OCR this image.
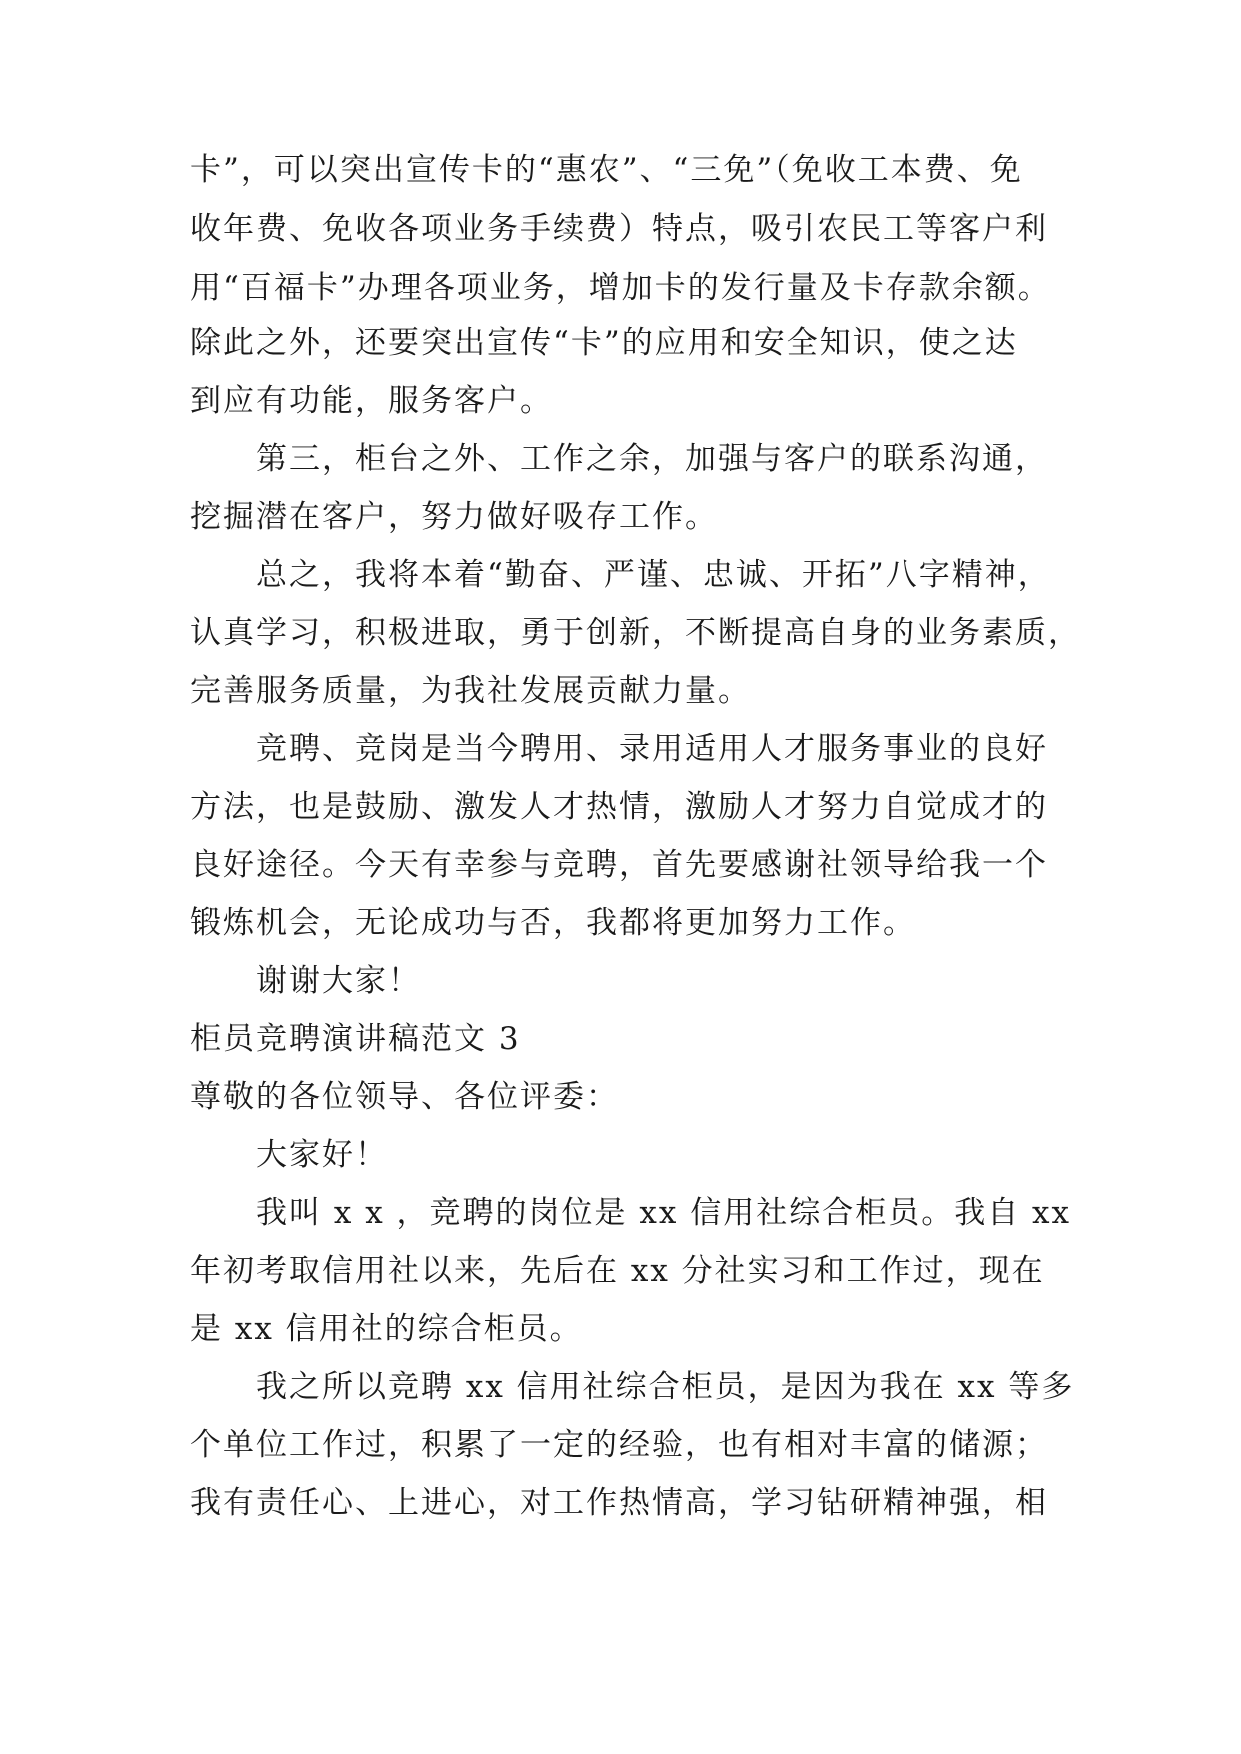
卡”，可以突出宣传卡的“惠农”、“三免”（免收工本费、免
收年费、免收各项业务手续费）特点，吸引农民工等客户利
用“百福卡”办理各项业务，增加卡的发行量及卡存款余额。
除此之外，还要突出宣传“卡”的应用和安全知识，使之达
到应有功能，服务客户。
第三，柜台之外、工作之余，加强与客户的联系沟通，
挖掘潜在客户，努力做好吸存工作。
总之，我将本着“勤奋、严谨、忠诚、开拓”八字精神，
认真学习，积极进取，勇于创新，不断提高自身的业务素质，
完善服务质量，为我社发展贡献力量。
竞聘、竞岗是当今聘用、录用适用人才服务事业的良好
方法，也是鼓励、激发人才热情，激励人才努力自觉成才的
良好途径。今天有幸参与竞聘，首先要感谢社领导给我一个
锻炼机会，无论成功与否，我都将更加努力工作。
谢谢大家！
柜员竞聘演讲稿范文 3
尊敬的各位领导、各位评委：
大家好！
我叫 x x ，竞聘的岗位是 xx 信用社综合柜员。我自 xx
年初考取信用社以来，先后在 xx 分社实习和工作过，现在
是 xx 信用社的综合柜员。
我之所以竞聘 xx 信用社综合柜员，是因为我在 xx 等多
个单位工作过，积累了一定的经验，也有相对丰富的储源；
我有责任心、上进心，对工作热情高，学习钻研精神强，相
